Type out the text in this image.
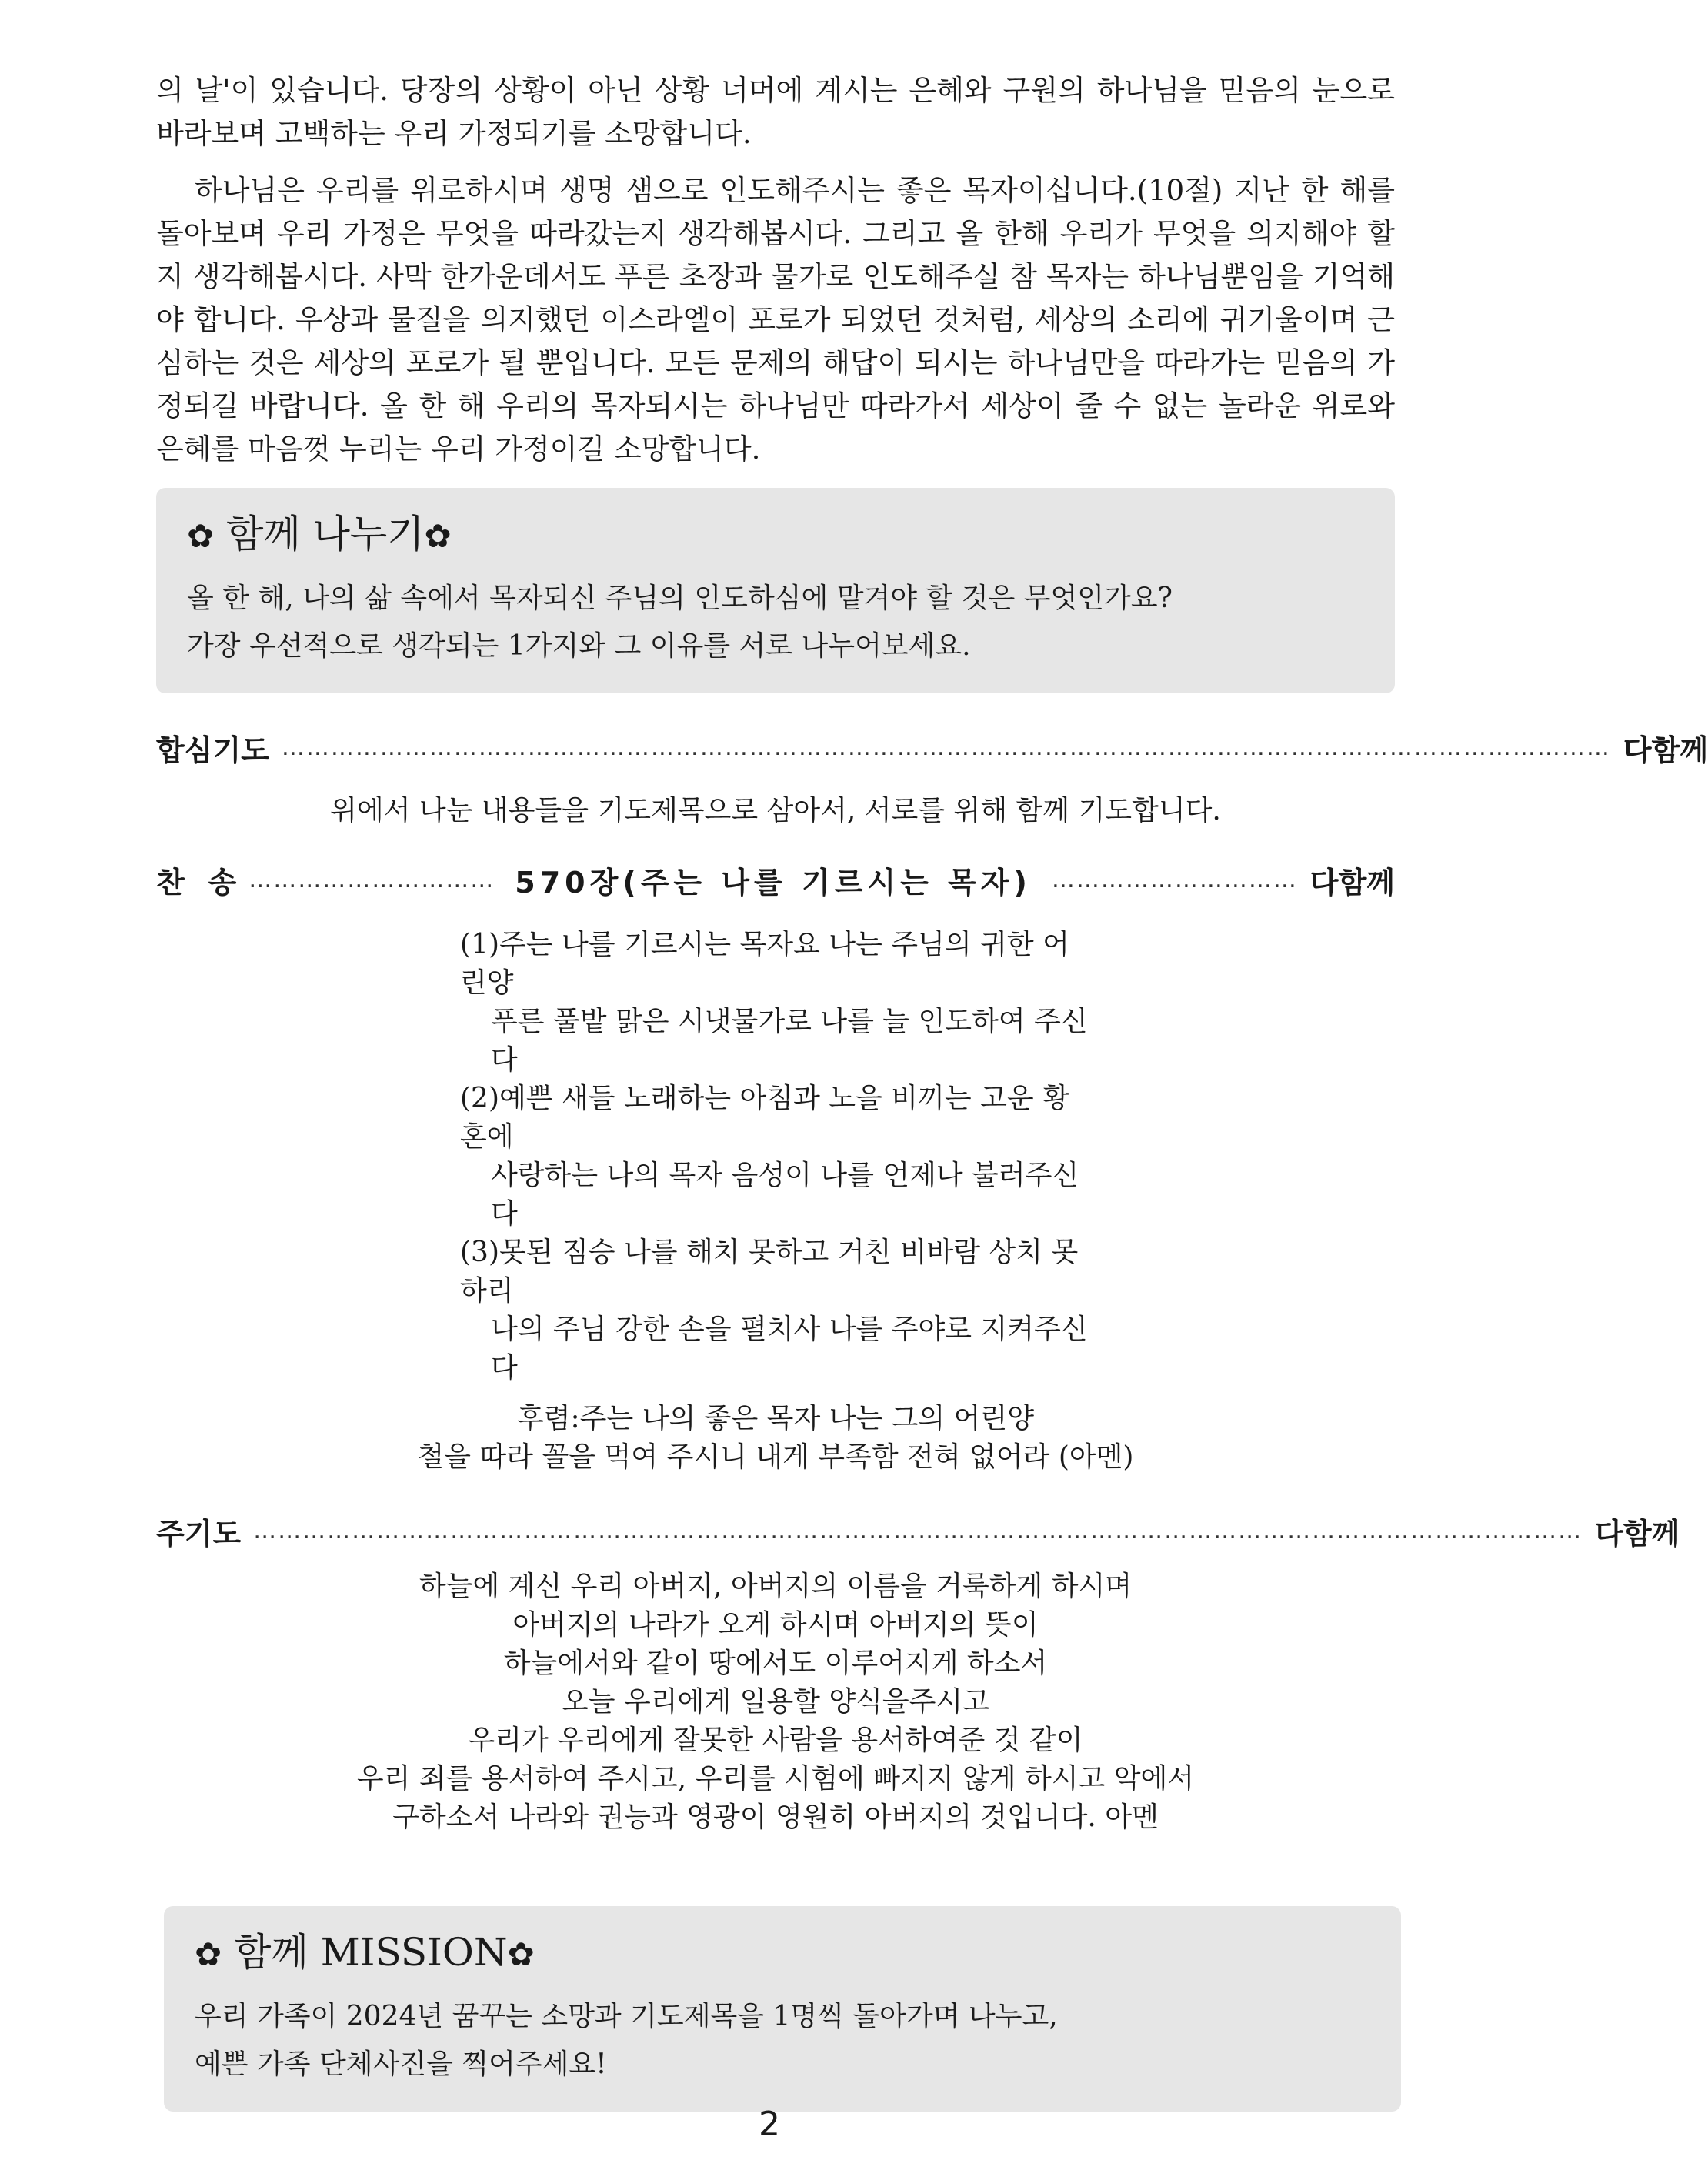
의 날'이 있습니다. 당장의 상황이 아닌 상황 너머에 계시는 은혜와 구원의 하나님을 믿음의 눈으로 바라보며 고백하는 우리 가정되기를 소망합니다.

하나님은 우리를 위로하시며 생명 샘으로 인도해주시는 좋은 목자이십니다.(10절) 지난 한 해를 돌아보며 우리 가정은 무엇을 따라갔는지 생각해봅시다. 그리고 올 한해 우리가 무엇을 의지해야 할지 생각해봅시다. 사막 한가운데서도 푸른 초장과 물가로 인도해주실 참 목자는 하나님뿐임을 기억해야 합니다. 우상과 물질을 의지했던 이스라엘이 포로가 되었던 것처럼, 세상의 소리에 귀기울이며 근심하는 것은 세상의 포로가 될 뿐입니다. 모든 문제의 해답이 되시는 하나님만을 따라가는 믿음의 가정되길 바랍니다. 올 한 해 우리의 목자되시는 하나님만 따라가서 세상이 줄 수 없는 놀라운 위로와 은혜를 마음껏 누리는 우리 가정이길 소망합니다.

✿ 함께 나누기✿

올 한 해, 나의 삶 속에서 목자되신 주님의 인도하심에 맡겨야 할 것은 무엇인가요?

가장 우선적으로 생각되는 1가지와 그 이유를 서로 나누어보세요.

합 심 기 도 ……………………………………………………………………………………………………………………………………………… 다 함 께

위에서 나눈 내용들을 기도제목으로 삼아서, 서로를 위해 함께 기도합니다.

찬 송 ………………………… 570장(주는 나를 기르시는 목자) ………………………… 다 함 께

(1)주는 나를 기르시는 목자요 나는 주님의 귀한 어린양

푸른 풀밭 맑은 시냇물가로 나를 늘 인도하여 주신다

(2)예쁜 새들 노래하는 아침과 노을 비끼는 고운 황혼에

사랑하는 나의 목자 음성이 나를 언제나 불러주신다

(3)못된 짐승 나를 해치 못하고 거친 비바람 상치 못하리

나의 주님 강한 손을 펼치사 나를 주야로 지켜주신다

후렴:주는 나의 좋은 목자 나는 그의 어린양

철을 따라 꼴을 먹여 주시니 내게 부족함 전혀 없어라 (아멘)

주 기 도 ……………………………………………………………………………………………………………………………………………… 다 함 께

하늘에 계신 우리 아버지, 아버지의 이름을 거룩하게 하시며

아버지의 나라가 오게 하시며 아버지의 뜻이

하늘에서와 같이 땅에서도 이루어지게 하소서

오늘 우리에게 일용할 양식을주시고

우리가 우리에게 잘못한 사람을 용서하여준 것 같이

우리 죄를 용서하여 주시고, 우리를 시험에 빠지지 않게 하시고 악에서

구하소서 나라와 권능과 영광이 영원히 아버지의 것입니다. 아멘

✿ 함께 MISSION✿

우리 가족이 2024년 꿈꾸는 소망과 기도제목을 1명씩 돌아가며 나누고,

예쁜 가족 단체사진을 찍어주세요!

2
